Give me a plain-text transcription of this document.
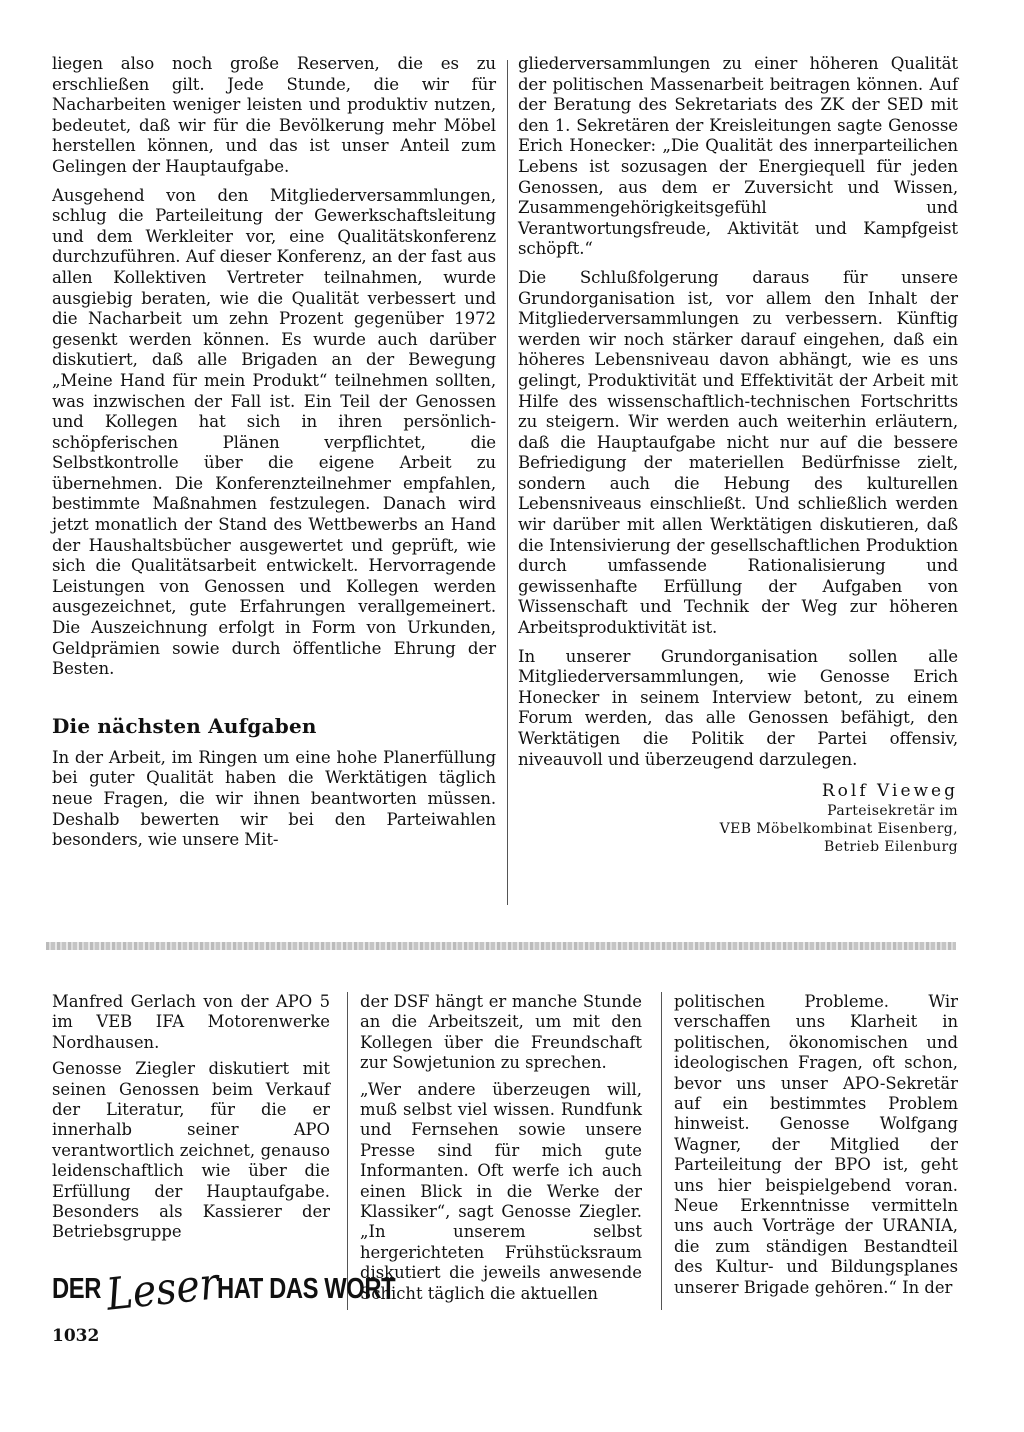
liegen also noch große Reserven, die es zu erschließen gilt. Jede Stunde, die wir für Nacharbeiten weniger leisten und produktiv nutzen, bedeutet, daß wir für die Bevölkerung mehr Möbel herstellen können, und das ist unser Anteil zum Gelingen der Hauptaufgabe.

Ausgehend von den Mitgliederversammlungen, schlug die Parteileitung der Gewerkschaftsleitung und dem Werkleiter vor, eine Qualitätskonferenz durchzuführen. Auf dieser Konferenz, an der fast aus allen Kollektiven Vertreter teilnahmen, wurde ausgiebig beraten, wie die Qualität verbessert und die Nacharbeit um zehn Prozent gegenüber 1972 gesenkt werden können. Es wurde auch darüber diskutiert, daß alle Brigaden an der Bewegung „Meine Hand für mein Produkt“ teilnehmen sollten, was inzwischen der Fall ist. Ein Teil der Genossen und Kollegen hat sich in ihren persönlich-schöpferischen Plänen verpflichtet, die Selbstkontrolle über die eigene Arbeit zu übernehmen. Die Konferenzteilnehmer empfahlen, bestimmte Maßnahmen festzulegen. Danach wird jetzt monatlich der Stand des Wettbewerbs an Hand der Haushaltsbücher ausgewertet und geprüft, wie sich die Qualitätsarbeit entwickelt. Hervorragende Leistungen von Genossen und Kollegen werden ausgezeichnet, gute Erfahrungen verallgemeinert. Die Auszeichnung erfolgt in Form von Urkunden, Geldprämien sowie durch öffentliche Ehrung der Besten.

Die nächsten Aufgaben

In der Arbeit, im Ringen um eine hohe Planerfüllung bei guter Qualität haben die Werktätigen täglich neue Fragen, die wir ihnen beantworten müssen. Deshalb bewerten wir bei den Parteiwahlen besonders, wie unsere Mit-

gliederversammlungen zu einer höheren Qualität der politischen Massenarbeit beitragen können. Auf der Beratung des Sekretariats des ZK der SED mit den 1. Sekretären der Kreisleitungen sagte Genosse Erich Honecker: „Die Qualität des innerparteilichen Lebens ist sozusagen der Energiequell für jeden Genossen, aus dem er Zuversicht und Wissen, Zusammengehörigkeitsgefühl und Verantwortungsfreude, Aktivität und Kampfgeist schöpft.“

Die Schlußfolgerung daraus für unsere Grundorganisation ist, vor allem den Inhalt der Mitgliederversammlungen zu verbessern. Künftig werden wir noch stärker darauf eingehen, daß ein höheres Lebensniveau davon abhängt, wie es uns gelingt, Produktivität und Effektivität der Arbeit mit Hilfe des wissenschaftlich-technischen Fortschritts zu steigern. Wir werden auch weiterhin erläutern, daß die Hauptaufgabe nicht nur auf die bessere Befriedigung der materiellen Bedürfnisse zielt, sondern auch die Hebung des kulturellen Lebensniveaus einschließt. Und schließlich werden wir darüber mit allen Werktätigen diskutieren, daß die Intensivierung der gesellschaftlichen Produktion durch umfassende Rationalisierung und gewissenhafte Erfüllung der Aufgaben von Wissenschaft und Technik der Weg zur höheren Arbeitsproduktivität ist.

In unserer Grundorganisation sollen alle Mitgliederversammlungen, wie Genosse Erich Honecker in seinem Interview betont, zu einem Forum werden, das alle Genossen befähigt, den Werktätigen die Politik der Partei offensiv, niveauvoll und überzeugend darzulegen.

Rolf Vieweg
Parteisekretär im
VEB Möbelkombinat Eisenberg,
Betrieb Eilenburg

Manfred Gerlach von der APO 5 im VEB IFA Motorenwerke Nordhausen.

Genosse Ziegler diskutiert mit seinen Genossen beim Verkauf der Literatur, für die er innerhalb seiner APO verantwortlich zeichnet, genauso leidenschaftlich wie über die Erfüllung der Hauptaufgabe. Besonders als Kassierer der Betriebsgruppe

der DSF hängt er manche Stunde an die Arbeitszeit, um mit den Kollegen über die Freundschaft zur Sowjetunion zu sprechen.

„Wer andere überzeugen will, muß selbst viel wissen. Rundfunk und Fernsehen sowie unsere Presse sind für mich gute Informanten. Oft werfe ich auch einen Blick in die Werke der Klassiker“, sagt Genosse Ziegler. „In unserem selbst hergerichteten Frühstücksraum diskutiert die jeweils anwesende Schicht täglich die aktuellen

politischen Probleme. Wir verschaffen uns Klarheit in politischen, ökonomischen und ideologischen Fragen, oft schon, bevor uns unser APO-Sekretär auf ein bestimmtes Problem hinweist. Genosse Wolfgang Wagner, der Mitglied der Parteileitung der BPO ist, geht uns hier beispielgebend voran. Neue Erkenntnisse vermitteln uns auch Vorträge der URANIA, die zum ständigen Bestandteil des Kultur- und Bildungsplanes unserer Brigade gehören.“ In der

DER Leser
HAT DAS WORT
1032
